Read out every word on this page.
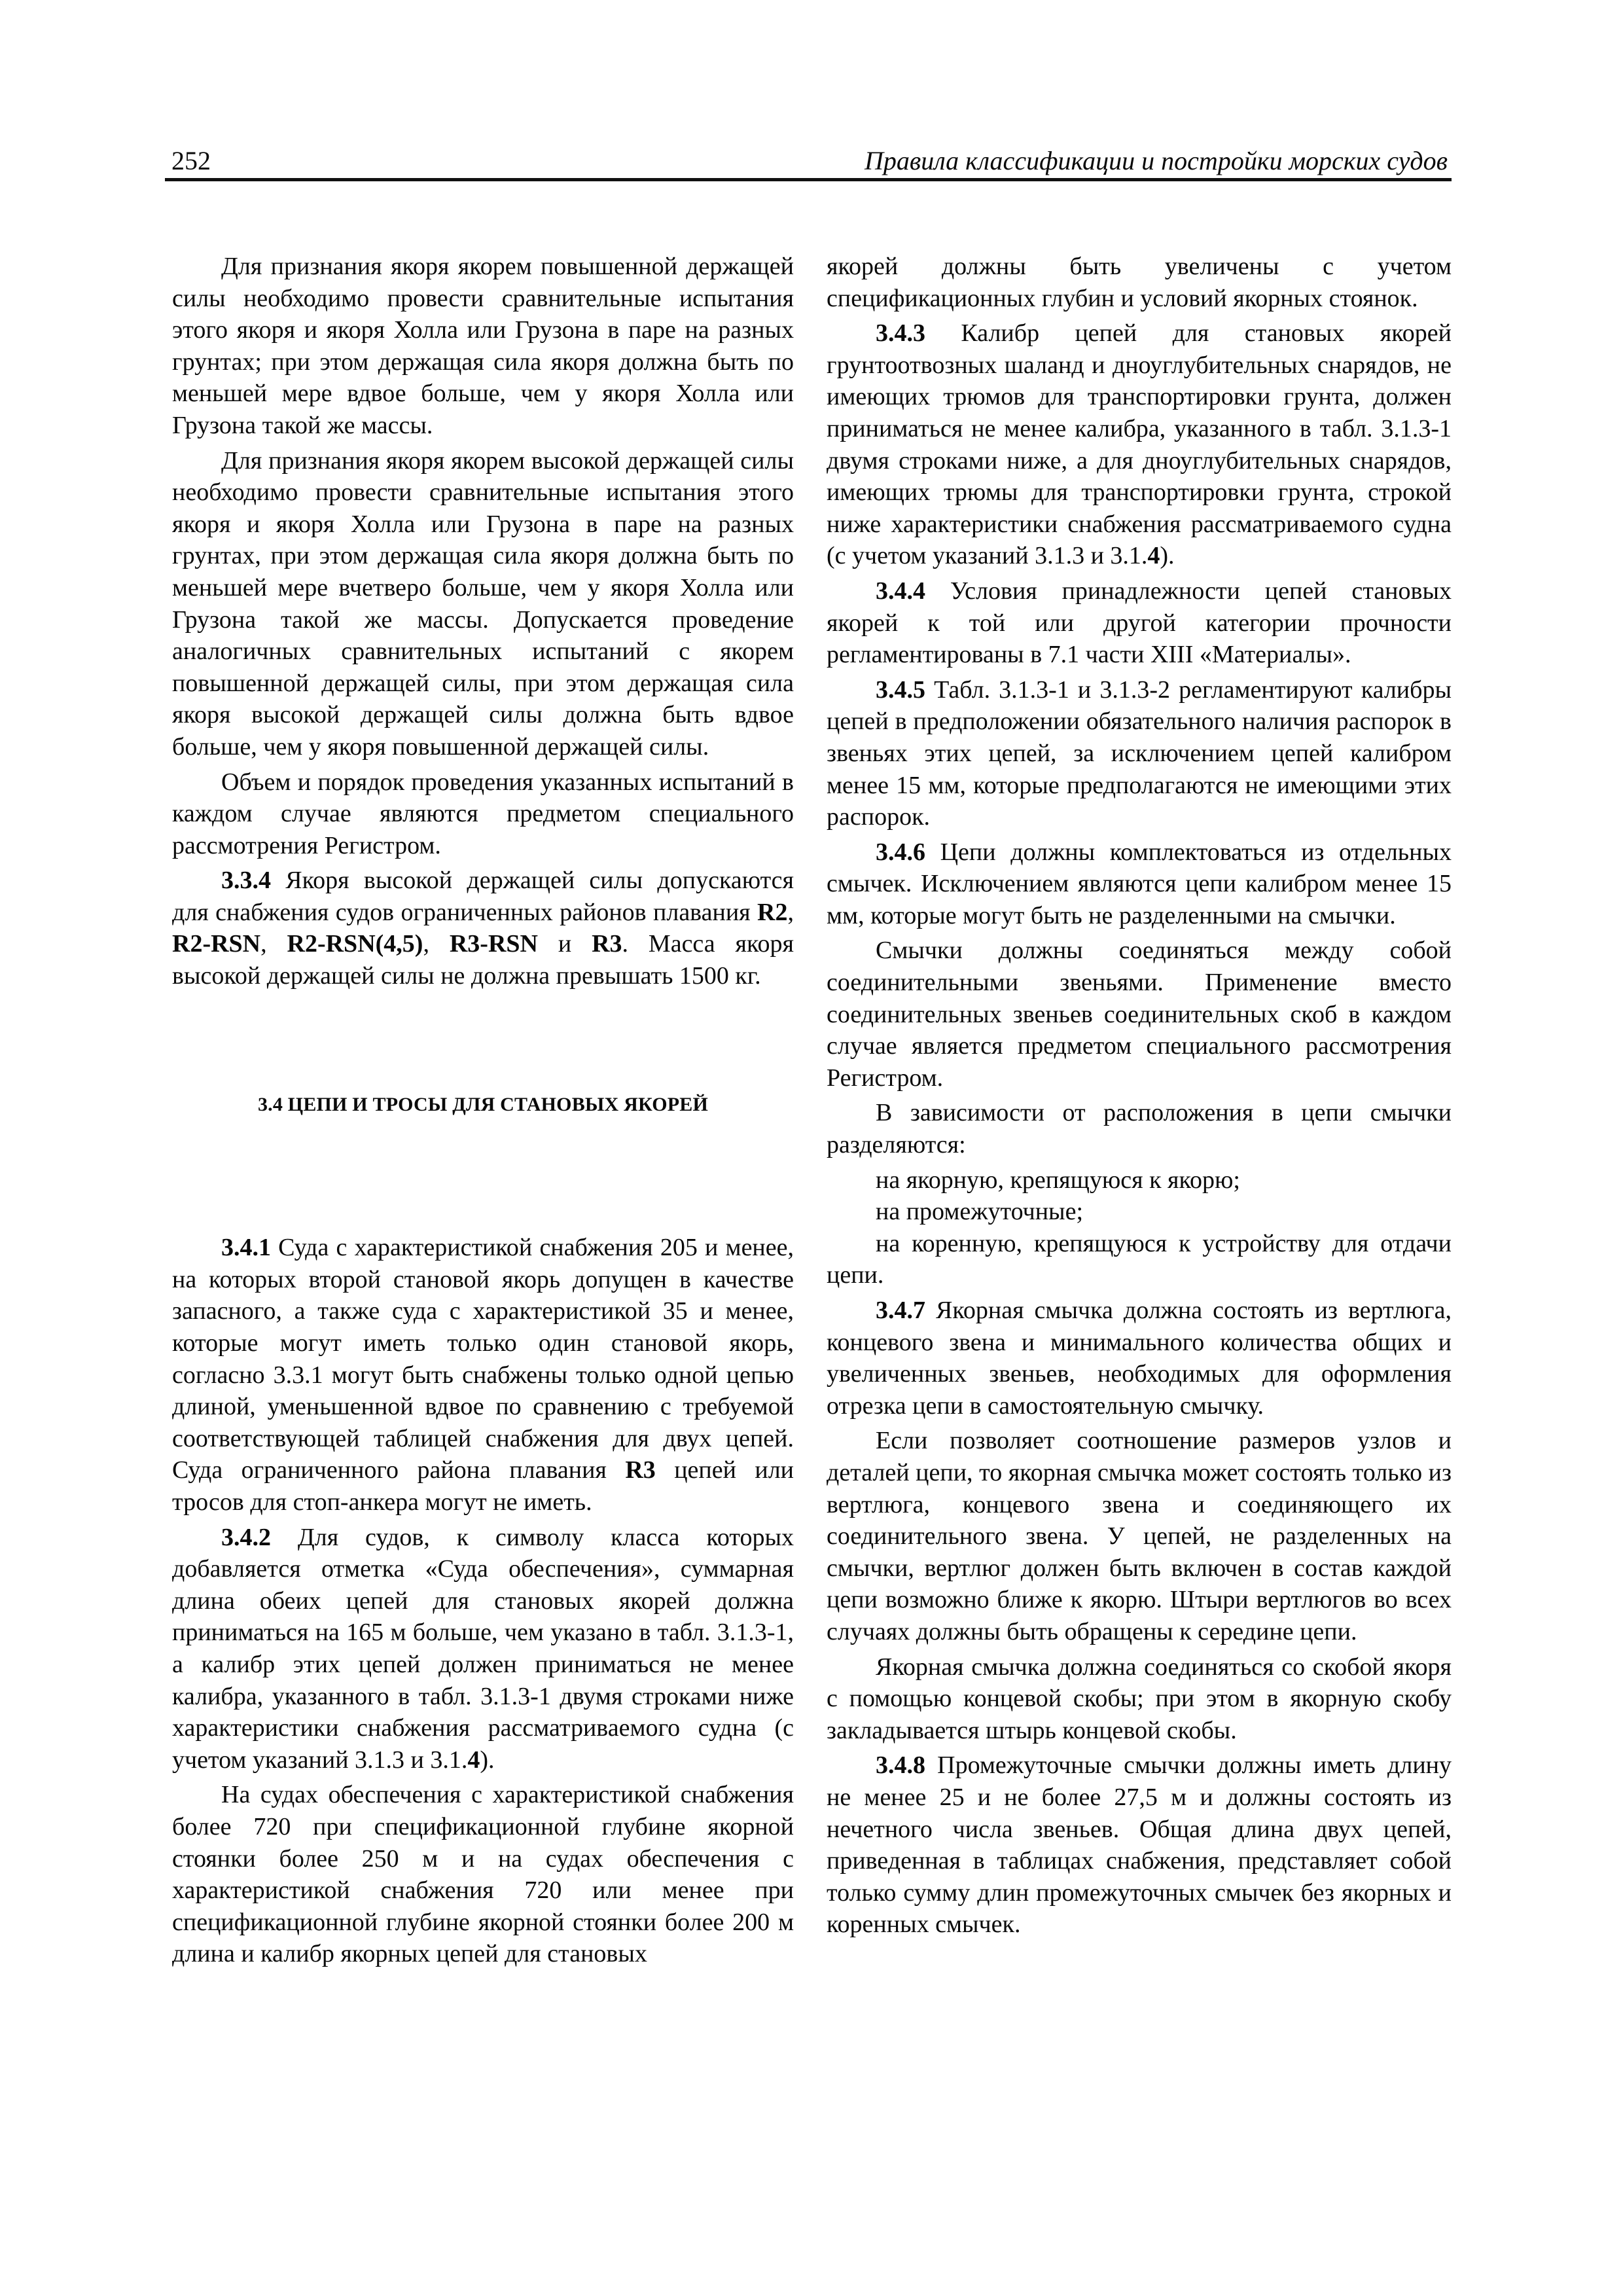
252	Правила классификации и постройки морских судов

Для признания якоря якорем повышенной держащей силы необходимо провести сравнительные испытания этого якоря и якоря Холла или Грузона в паре на разных грунтах; при этом держащая сила якоря должна быть по меньшей мере вдвое больше, чем у якоря Холла или Грузона такой же массы.

Для признания якоря якорем высокой держащей силы необходимо провести сравнительные испытания этого якоря и якоря Холла или Грузона в паре на разных грунтах, при этом держащая сила якоря должна быть по меньшей мере вчетверо больше, чем у якоря Холла или Грузона такой же массы. Допускается проведение аналогичных сравнительных испытаний с якорем повышенной держащей силы, при этом держащая сила якоря высокой держащей силы должна быть вдвое больше, чем у якоря повышенной держащей силы.

Объем и порядок проведения указанных испытаний в каждом случае являются предметом специального рассмотрения Регистром.

3.3.4 Якоря высокой держащей силы допускаются для снабжения судов ограниченных районов плавания R2, R2-RSN, R2-RSN(4,5), R3-RSN и R3. Масса якоря высокой держащей силы не должна превышать 1500 кг.

3.4 ЦЕПИ И ТРОСЫ ДЛЯ СТАНОВЫХ ЯКОРЕЙ

3.4.1 Суда с характеристикой снабжения 205 и менее, на которых второй становой якорь допущен в качестве запасного, а также суда с характеристикой 35 и менее, которые могут иметь только один становой якорь, согласно 3.3.1 могут быть снабжены только одной цепью длиной, уменьшенной вдвое по сравнению с требуемой соответствующей таблицей снабжения для двух цепей. Суда ограниченного района плавания R3 цепей или тросов для стоп-анкера могут не иметь.

3.4.2 Для судов, к символу класса которых добавляется отметка «Суда обеспечения», суммарная длина обеих цепей для становых якорей должна приниматься на 165 м больше, чем указано в табл. 3.1.3-1, а калибр этих цепей должен приниматься не менее калибра, указанного в табл. 3.1.3-1 двумя строками ниже характеристики снабжения рассматриваемого судна (с учетом указаний 3.1.3 и 3.1.4).

На судах обеспечения с характеристикой снабжения более 720 при спецификационной глубине якорной стоянки более 250 м и на судах обеспечения с характеристикой снабжения 720 или менее при спецификационной глубине якорной стоянки более 200 м длина и калибр якорных цепей для становых

якорей должны быть увеличены с учетом спецификационных глубин и условий якорных стоянок.

3.4.3 Калибр цепей для становых якорей грунтоотвозных шаланд и дноуглубительных снарядов, не имеющих трюмов для транспортировки грунта, должен приниматься не менее калибра, указанного в табл. 3.1.3-1 двумя строками ниже, а для дноуглубительных снарядов, имеющих трюмы для транспортировки грунта, строкой ниже характеристики снабжения рассматриваемого судна (с учетом указаний 3.1.3 и 3.1.4).

3.4.4 Условия принадлежности цепей становых якорей к той или другой категории прочности регламентированы в 7.1 части XIII «Материалы».

3.4.5 Табл. 3.1.3-1 и 3.1.3-2 регламентируют калибры цепей в предположении обязательного наличия распорок в звеньях этих цепей, за исключением цепей калибром менее 15 мм, которые предполагаются не имеющими этих распорок.

3.4.6 Цепи должны комплектоваться из отдельных смычек. Исключением являются цепи калибром менее 15 мм, которые могут быть не разделенными на смычки.

Смычки должны соединяться между собой соединительными звеньями. Применение вместо соединительных звеньев соединительных скоб в каждом случае является предметом специального рассмотрения Регистром.

В зависимости от расположения в цепи смычки разделяются:

на якорную, крепящуюся к якорю;

на промежуточные;

на коренную, крепящуюся к устройству для отдачи цепи.

3.4.7 Якорная смычка должна состоять из вертлюга, концевого звена и минимального количества общих и увеличенных звеньев, необходимых для оформления отрезка цепи в самостоятельную смычку.

Если позволяет соотношение размеров узлов и деталей цепи, то якорная смычка может состоять только из вертлюга, концевого звена и соединяющего их соединительного звена. У цепей, не разделенных на смычки, вертлюг должен быть включен в состав каждой цепи возможно ближе к якорю. Штыри вертлюгов во всех случаях должны быть обращены к середине цепи.

Якорная смычка должна соединяться со скобой якоря с помощью концевой скобы; при этом в якорную скобу закладывается штырь концевой скобы.

3.4.8 Промежуточные смычки должны иметь длину не менее 25 и не более 27,5 м и должны состоять из нечетного числа звеньев. Общая длина двух цепей, приведенная в таблицах снабжения, представляет собой только сумму длин промежуточных смычек без якорных и коренных смычек.
